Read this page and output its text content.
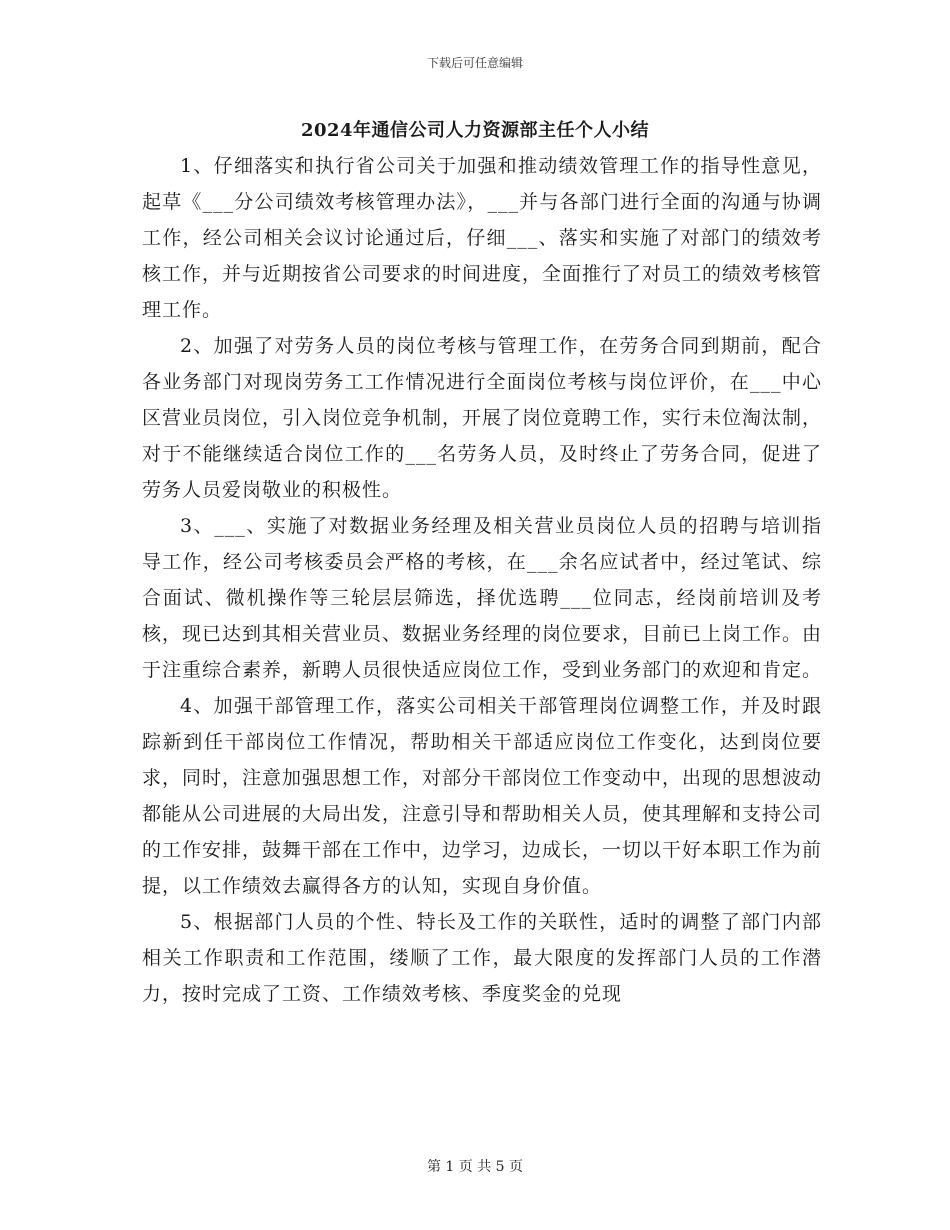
下载后可任意编辑
2024年通信公司人力资源部主任个人小结

1、仔细落实和执行省公司关于加强和推动绩效管理工作的指导性意见，起草《___分公司绩效考核管理办法》，___并与各部门进行全面的沟通与协调工作，经公司相关会议讨论通过后，仔细___、落实和实施了对部门的绩效考核工作，并与近期按省公司要求的时间进度，全面推行了对员工的绩效考核管理工作。

2、加强了对劳务人员的岗位考核与管理工作，在劳务合同到期前，配合各业务部门对现岗劳务工工作情况进行全面岗位考核与岗位评价，在___中心区营业员岗位，引入岗位竞争机制，开展了岗位竟聘工作，实行未位淘汰制，对于不能继续适合岗位工作的___名劳务人员，及时终止了劳务合同，促进了劳务人员爱岗敬业的积极性。

3、___、实施了对数据业务经理及相关营业员岗位人员的招聘与培训指导工作，经公司考核委员会严格的考核，在___余名应试者中，经过笔试、综合面试、微机操作等三轮层层筛选，择优选聘___位同志，经岗前培训及考核，现已达到其相关营业员、数据业务经理的岗位要求，目前已上岗工作。由于注重综合素养，新聘人员很快适应岗位工作，受到业务部门的欢迎和肯定。

4、加强干部管理工作，落实公司相关干部管理岗位调整工作，并及时跟踪新到任干部岗位工作情况，帮助相关干部适应岗位工作变化，达到岗位要求，同时，注意加强思想工作，对部分干部岗位工作变动中，出现的思想波动都能从公司进展的大局出发，注意引导和帮助相关人员，使其理解和支持公司的工作安排，鼓舞干部在工作中，边学习，边成长，一切以干好本职工作为前提，以工作绩效去赢得各方的认知，实现自身价值。

5、根据部门人员的个性、特长及工作的关联性，适时的调整了部门内部相关工作职责和工作范围，缕顺了工作，最大限度的发挥部门人员的工作潜力，按时完成了工资、工作绩效考核、季度奖金的兑现

第 1 页 共 5 页
